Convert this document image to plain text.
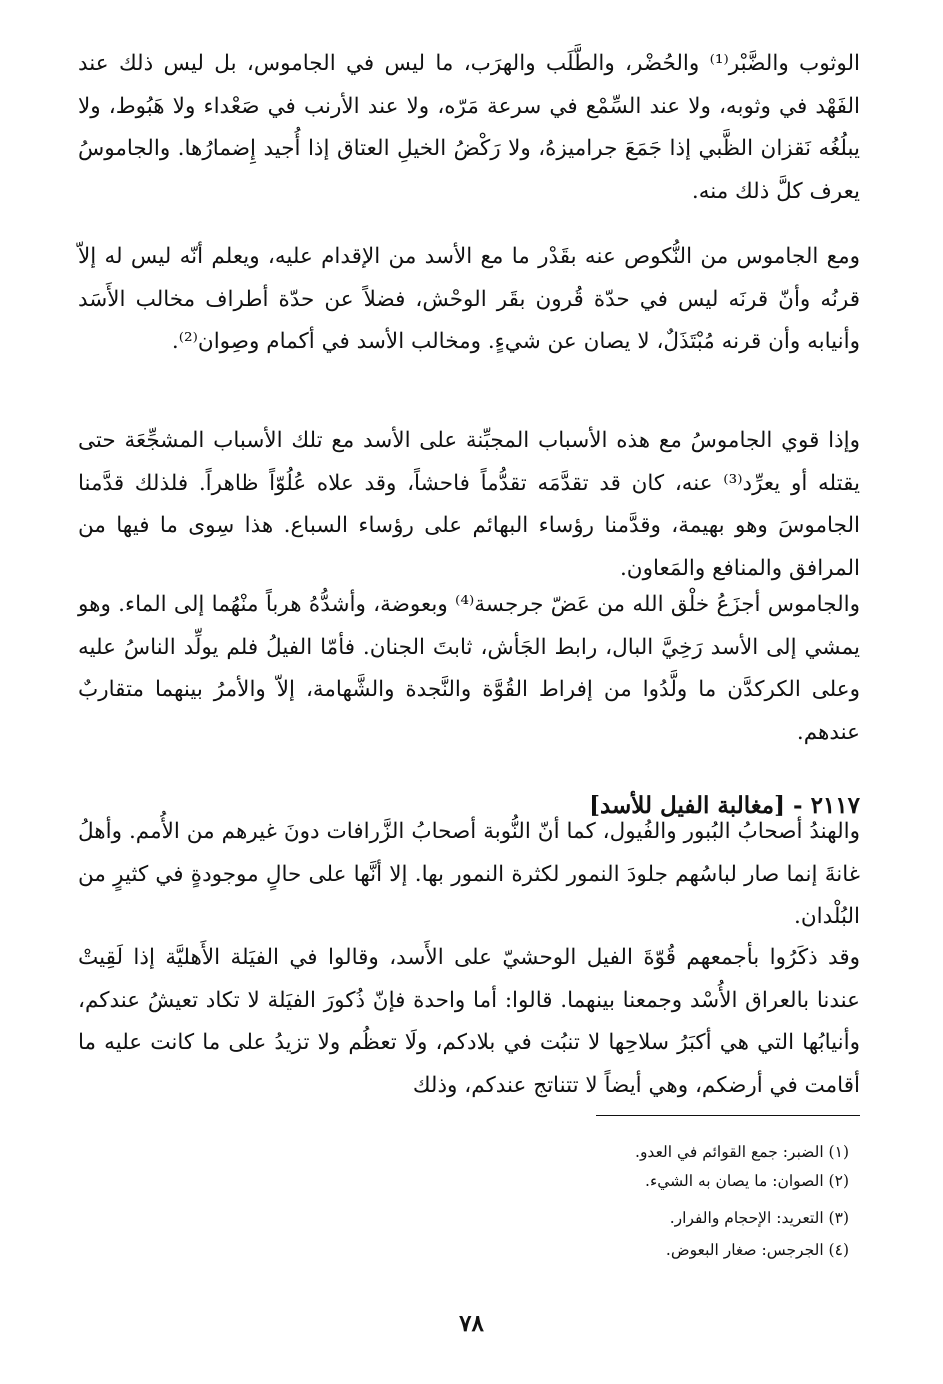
الوثوب والضَّبْر⁽¹⁾ والحُضْر، والطَّلَب والهرَب، ما ليس في الجاموس، بل ليس ذلك عند الفَهْد في وثوبه، ولا عند السِّمْع في سرعة مَرّه، ولا عند الأرنب في صَعْداء ولا هَبُوط، ولا يبلُغُه نَقزان الظَّبي إذا جَمَعَ جراميزهُ، ولا رَكْضُ الخيلِ العتاق إذا أُجيد إِضمارُها. والجاموسُ يعرف كلَّ ذلك منه.

ومع الجاموس من النُّكوص عنه بقَدْر ما مع الأسد من الإقدام عليه، ويعلم أنّه ليس له إلاّ قرنُه وأنّ قرنَه ليس في حدّة قُرون بقَر الوحْش، فضلاً عن حدّة أطراف مخالب الأَسَد وأنيابه وأن قرنه مُبْتَذَلٌ، لا يصان عن شيءٍ. ومخالب الأسد في أكمام وصِوان⁽²⁾.

وإذا قوي الجاموسُ مع هذه الأسباب المجبِّنة على الأسد مع تلك الأسباب المشجِّعَة حتى يقتله أو يعرِّد⁽³⁾ عنه، كان قد تقدَّمَه تقدُّماً فاحشاً، وقد علاه عُلُوّاً ظاهراً. فلذلك قدَّمنا الجاموسَ وهو بهيمة، وقدَّمنا رؤساء البهائم على رؤساء السباع. هذا سِوى ما فيها من المرافق والمنافع والمَعاون.

والجاموس أجزَعُ خلْق الله من عَضّ جرجسة⁽⁴⁾ وبعوضة، وأشدُّهُ هرباً منْهُما إلى الماء. وهو يمشي إلى الأسد رَخِيَّ البال، رابط الجَأش، ثابتَ الجنان. فأمّا الفيلُ فلم يولِّد الناسُ عليه وعلى الكركدَّن ما ولَّدُوا من إفراط القُوَّة والنَّجدة والشَّهامة، إلاّ والأمرُ بينهما متقاربٌ عندهم.

٢١١٧ - [مغالبة الفيل للأسد]

والهندُ أصحابُ البُبور والفُيول، كما أنّ النُّوبة أصحابُ الزَّرافات دونَ غيرهم من الأُمم. وأهلُ غانةَ إنما صار لباسُهم جلودَ النمور لكثرة النمور بها. إلا أنَّها على حالٍ موجودةٍ في كثيرٍ من البُلْدان.

وقد ذكَرُوا بأجمعهم قُوّةَ الفيل الوحشيّ على الأَسد، وقالوا في الفيَلة الأَهليَّة إذا لَقِيتْ عندنا بالعراق الأُسْد وجمعنا بينهما. قالوا: أما واحدة فإنّ ذُكورَ الفيَلة لا تكاد تعيشُ عندكم، وأنيابُها التي هي أكبَرُ سلاحِها لا تنبُت في بلادكم، ولَا تعظُم ولا تزيدُ على ما كانت عليه ما أقامت في أرضكم، وهي أيضاً لا تتناتج عندكم، وذلك

(١) الضبر: جمع القوائم في العدو.
(٢) الصوان: ما يصان به الشيء.
(٣) التعريد: الإحجام والفرار.
(٤) الجرجس: صغار البعوض.
٧٨
